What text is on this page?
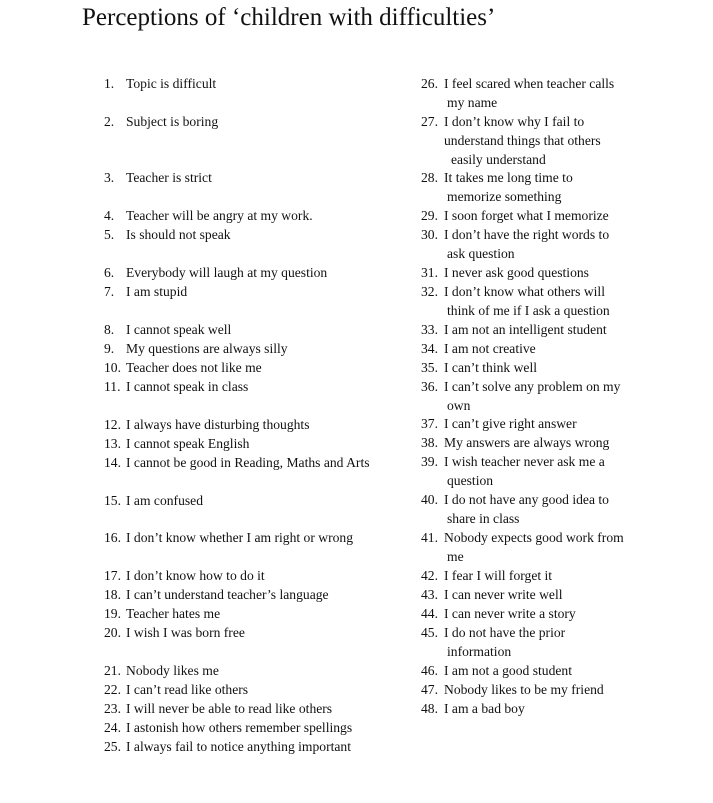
Perceptions of ‘children with difficulties’
1. Topic is difficult
2. Subject is boring
3. Teacher is strict
4. Teacher will be angry at my work.
5. Is should not speak
6. Everybody will laugh at my question
7. I am stupid
8. I cannot speak well
9. My questions are always silly
10. Teacher does not like me
11. I cannot speak in class
12. I always have disturbing thoughts
13. I cannot speak English
14. I cannot be good in Reading, Maths and Arts
15. I am confused
16. I don’t know whether I am right or wrong
17. I don’t know how to do it
18. I can’t understand teacher’s language
19. Teacher hates me
20. I wish I was born free
21. Nobody likes me
22. I can’t read like others
23. I will never be able to read like others
24. I astonish how others remember spellings
25. I always fail to notice anything important
26. I feel scared when teacher calls
my name
27. I don’t know why I fail to
understand things that others
easily understand
28. It takes me long time to
memorize something
29. I soon forget what I memorize
30. I don’t have the right words to
ask question
31. I never ask good questions
32. I don’t know what others will
think of me if I ask a question
33. I am not an intelligent student
34. I am not creative
35. I can’t think well
36. I can’t solve any problem on my
own
37. I can’t give right answer
38. My answers are always wrong
39. I wish teacher never ask me a
question
40. I do not have any good idea to
share in class
41. Nobody expects good work from
me
42. I fear I will forget it
43. I can never write well
44. I can never write a story
45. I do not have the prior
information
46. I am not a good student
47. Nobody likes to be my friend
48. I am a bad boy
